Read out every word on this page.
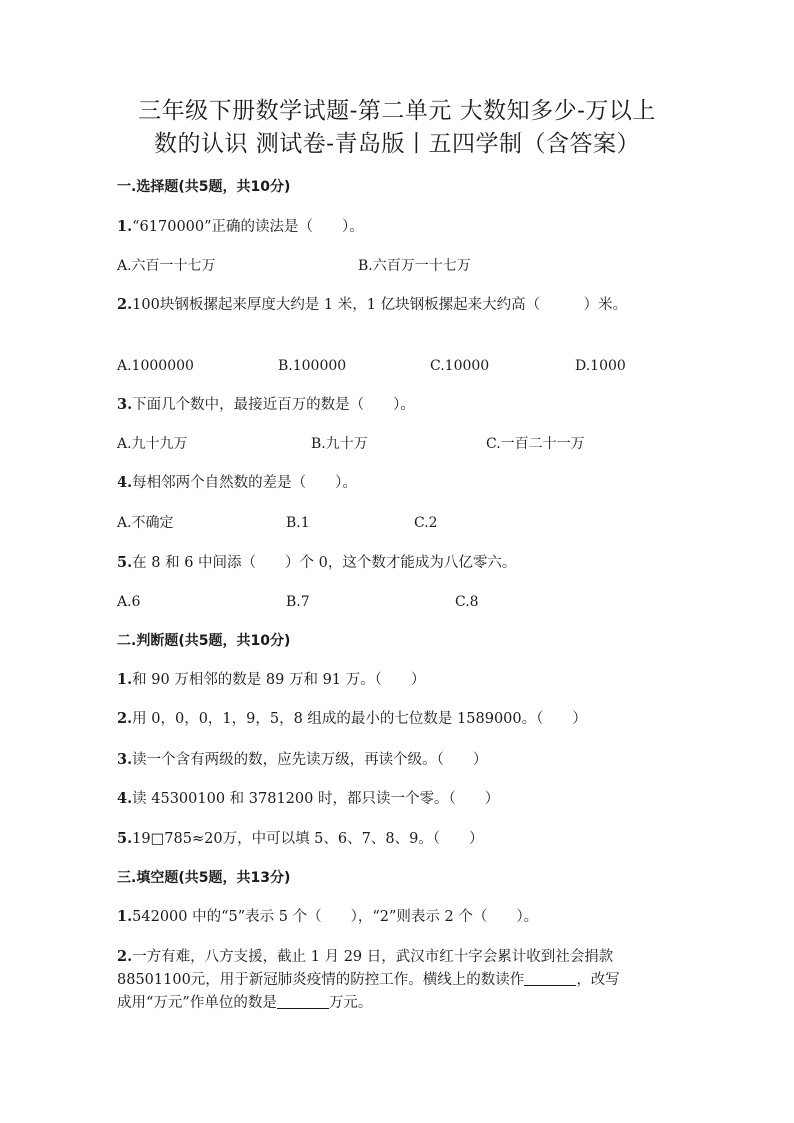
三年级下册数学试题-第二单元 大数知多少-万以上
数的认识 测试卷-青岛版丨五四学制（含答案）
一.选择题(共5题，共10分)
1.“6170000”正确的读法是（　　）。
A.六百一十七万	B.六百万一十七万
2.100块钢板摞起来厚度大约是 1 米，1 亿块钢板摞起来大约高（　　　）米。
A.1000000	B.100000	C.10000	D.1000
3.下面几个数中，最接近百万的数是（　　）。
A.九十九万	B.九十万	C.一百二十一万
4.每相邻两个自然数的差是（　　）。
A.不确定	B.1	C.2
5.在 8 和 6 中间添（　　）个 0，这个数才能成为八亿零六。
A.6	B.7	C.8
二.判断题(共5题，共10分)
1.和 90 万相邻的数是 89 万和 91 万。（　　）
2.用 0，0，0，1，9，5，8 组成的最小的七位数是 1589000。（　　）
3.读一个含有两级的数，应先读万级，再读个级。（　　）
4.读 45300100 和 3781200 时，都只读一个零。（　　）
5.19□785≈20万，中可以填 5、6、7、8、9。（　　）
三.填空题(共5题，共13分)
1.542000 中的“5”表示 5 个（　　），“2”则表示 2 个（　　）。
2.一方有难，八方支援，截止 1 月 29 日，武汉市红十字会累计收到社会捐款
88501100元，用于新冠肺炎疫情的防控工作。横线上的数读作	，改写
成用“万元”作单位的数是	万元。
